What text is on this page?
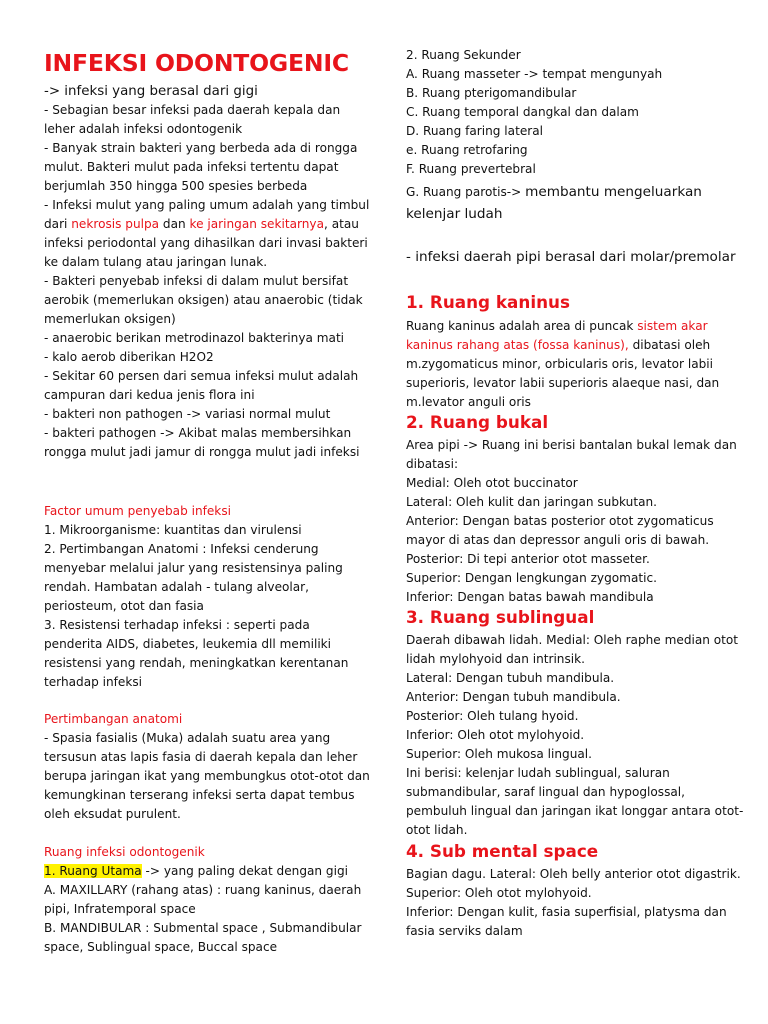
INFEKSI ODONTOGENIC

-> infeksi yang berasal dari gigi

- Sebagian besar infeksi pada daerah kepala dan leher adalah infeksi odontogenik

- Banyak strain bakteri yang berbeda ada di rongga mulut. Bakteri mulut pada infeksi tertentu dapat berjumlah 350 hingga 500 spesies berbeda

- Infeksi mulut yang paling umum adalah yang timbul dari nekrosis pulpa dan ke jaringan sekitarnya, atau infeksi periodontal yang dihasilkan dari invasi bakteri ke dalam tulang atau jaringan lunak.

- Bakteri penyebab infeksi di dalam mulut bersifat aerobik (memerlukan oksigen) atau anaerobic (tidak memerlukan oksigen)

- anaerobic berikan metrodinazol bakterinya mati

- kalo aerob diberikan H2O2

- Sekitar 60 persen dari semua infeksi mulut adalah campuran dari kedua jenis flora ini

- bakteri non pathogen -> variasi normal mulut

- bakteri pathogen -> Akibat malas membersihkan rongga mulut jadi jamur di rongga mulut jadi infeksi

Factor umum penyebab infeksi

1. Mikroorganisme: kuantitas dan virulensi

2. Pertimbangan Anatomi : Infeksi cenderung menyebar melalui jalur yang resistensinya paling rendah. Hambatan adalah - tulang alveolar, periosteum, otot dan fasia

3. Resistensi terhadap infeksi : seperti pada penderita AIDS, diabetes, leukemia dll memiliki resistensi yang rendah, meningkatkan kerentanan terhadap infeksi

Pertimbangan anatomi

- Spasia fasialis (Muka) adalah suatu area yang tersusun atas lapis fasia di daerah kepala dan leher berupa jaringan ikat yang membungkus otot-otot dan kemungkinan terserang infeksi serta dapat tembus oleh eksudat purulent.

Ruang infeksi odontogenik

1. Ruang Utama -> yang paling dekat dengan gigi

A. MAXILLARY (rahang atas) : ruang kaninus, daerah pipi, Infratemporal space

B. MANDIBULAR : Submental space , Submandibular space, Sublingual space, Buccal space

2. Ruang Sekunder

A. Ruang masseter -> tempat mengunyah

B. Ruang pterigomandibular

C. Ruang temporal dangkal dan dalam

D. Ruang faring lateral

e. Ruang retrofaring

F. Ruang prevertebral

G. Ruang parotis-> membantu mengeluarkan kelenjar ludah

- infeksi daerah pipi berasal dari molar/premolar

1. Ruang kaninus

Ruang kaninus adalah area di puncak sistem akar kaninus rahang atas (fossa kaninus), dibatasi oleh m.zygomaticus minor, orbicularis oris, levator labii superioris, levator labii superioris alaeque nasi, dan m.levator anguli oris

2. Ruang bukal

Area pipi -> Ruang ini berisi bantalan bukal lemak dan dibatasi:

Medial: Oleh otot buccinator

Lateral: Oleh kulit dan jaringan subkutan.

Anterior: Dengan batas posterior otot zygomaticus mayor di atas dan depressor anguli oris di bawah.

Posterior: Di tepi anterior otot masseter.

Superior: Dengan lengkungan zygomatic.

Inferior: Dengan batas bawah mandibula

3. Ruang sublingual

Daerah dibawah lidah. Medial: Oleh raphe median otot lidah mylohyoid dan intrinsik.

Lateral: Dengan tubuh mandibula.

Anterior: Dengan tubuh mandibula.

Posterior: Oleh tulang hyoid.

Inferior: Oleh otot mylohyoid.

Superior: Oleh mukosa lingual.

Ini berisi: kelenjar ludah sublingual, saluran submandibular, saraf lingual dan hypoglossal, pembuluh lingual dan jaringan ikat longgar antara otot-otot lidah.

4. Sub mental space

Bagian dagu. Lateral: Oleh belly anterior otot digastrik.

Superior: Oleh otot mylohyoid.

Inferior: Dengan kulit, fasia superfisial, platysma dan fasia serviks dalam
